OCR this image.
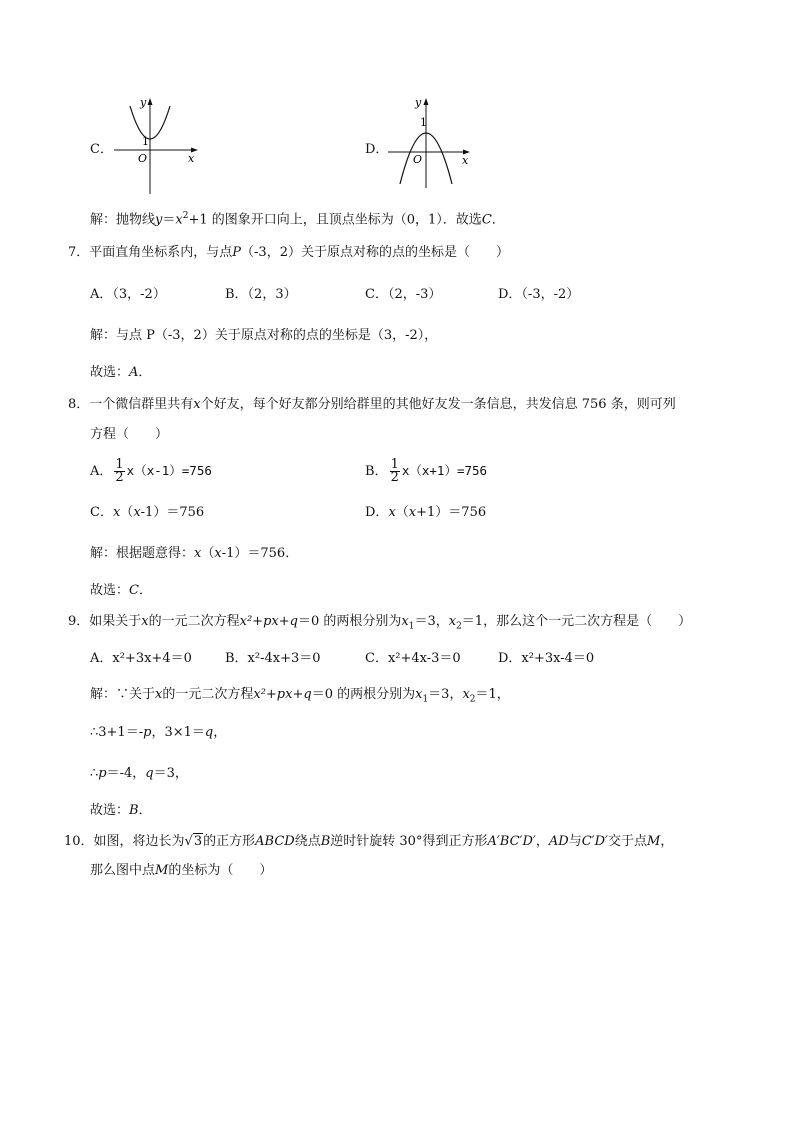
C．
y
x
1
O
D．
y
x
1
O
解：抛物线$y=x^2+1$ 的图象开口向上，且顶点坐标为（0，1）．故选C．
7．平面直角坐标系内，与点P（-3，2）关于原点对称的点的坐标是（　　）
A．（3，-2）	B．（2，3）	C．（2，-3）	D．（-3，-2）
解：与点 P（-3，2）关于原点对称的点的坐标是（3，-2），
故选：A．
8．一个微信群里共有x个好友，每个好友都分别给群里的其他好友发一条信息，共发信息 756 条，则可列
方程（　　）
A． $\frac{1}{2} x(x-1)=756$	B． $\frac{1}{2} x(x+1)=756$
C．x（x-1）＝756	D．x（x+1）＝756
解：根据题意得：x（x-1）＝756．
故选：C．
9．如果关于x的一元二次方程x²+px+q＝0 的两根分别为$x_1=3$，$x_2=1$，那么这个一元二次方程是（　　）
A．x²+3x+4＝0	B．x²-4x+3＝0	C．x²+4x-3＝0	D．x²+3x-4＝0
解：∵关于x的一元二次方程x²+px+q＝0 的两根分别为$x_1=3$，$x_2=1$，
∴3+1＝-p，3×1＝q，
∴p＝-4，q＝3，
故选：B．
10．如图，将边长为√3的正方形ABCD绕点B逆时针旋转 30°得到正方形A′BC′D′，AD与C′D′交于点M，
那么图中点M的坐标为（　　）
